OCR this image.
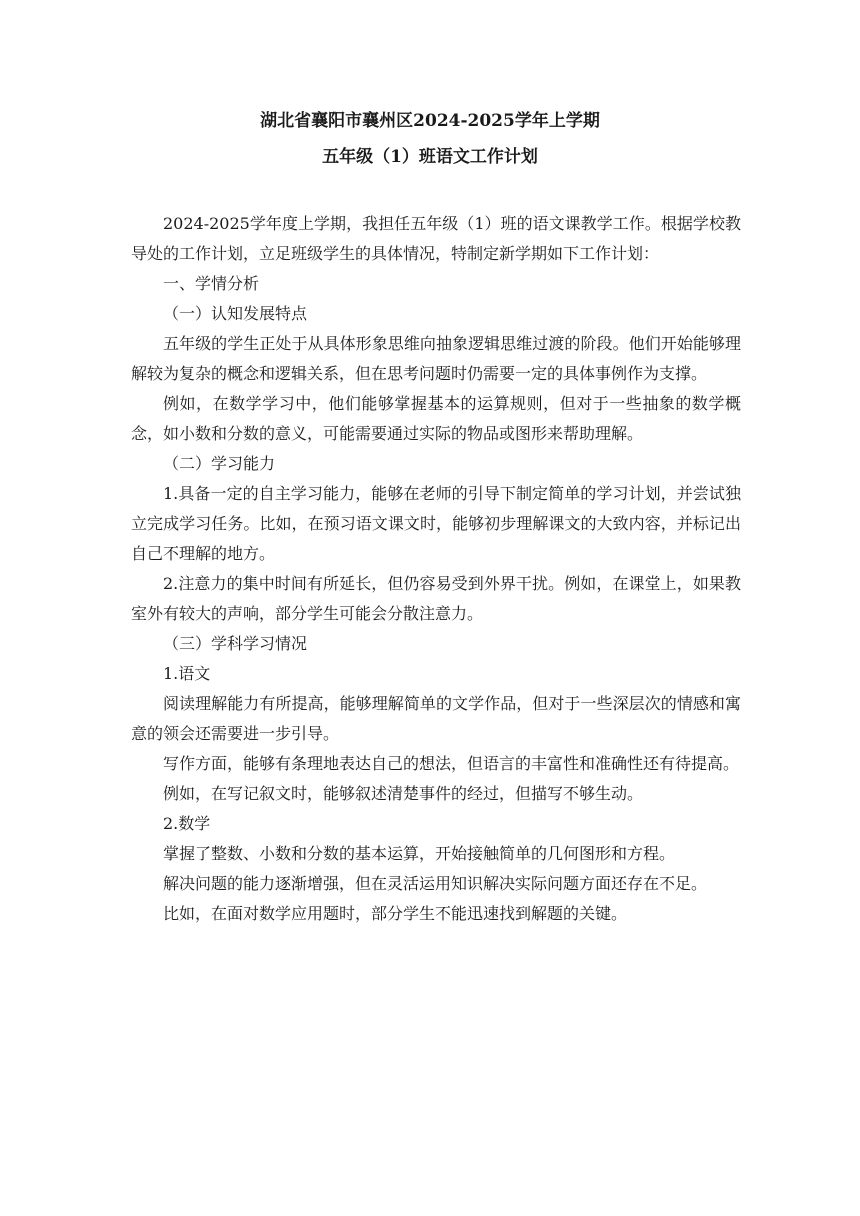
湖北省襄阳市襄州区2024-2025学年上学期
五年级（1）班语文工作计划

2024-2025学年度上学期，我担任五年级（1）班的语文课教学工作。根据学校教导处的工作计划，立足班级学生的具体情况，特制定新学期如下工作计划：

一、学情分析

（一）认知发展特点

五年级的学生正处于从具体形象思维向抽象逻辑思维过渡的阶段。他们开始能够理解较为复杂的概念和逻辑关系，但在思考问题时仍需要一定的具体事例作为支撑。

例如，在数学学习中，他们能够掌握基本的运算规则，但对于一些抽象的数学概念，如小数和分数的意义，可能需要通过实际的物品或图形来帮助理解。

（二）学习能力

1.具备一定的自主学习能力，能够在老师的引导下制定简单的学习计划，并尝试独立完成学习任务。比如，在预习语文课文时，能够初步理解课文的大致内容，并标记出自己不理解的地方。

2.注意力的集中时间有所延长，但仍容易受到外界干扰。例如，在课堂上，如果教室外有较大的声响，部分学生可能会分散注意力。

（三）学科学习情况

1.语文

阅读理解能力有所提高，能够理解简单的文学作品，但对于一些深层次的情感和寓意的领会还需要进一步引导。

写作方面，能够有条理地表达自己的想法，但语言的丰富性和准确性还有待提高。

例如，在写记叙文时，能够叙述清楚事件的经过，但描写不够生动。

2.数学

掌握了整数、小数和分数的基本运算，开始接触简单的几何图形和方程。

解决问题的能力逐渐增强，但在灵活运用知识解决实际问题方面还存在不足。

比如，在面对数学应用题时，部分学生不能迅速找到解题的关键。
